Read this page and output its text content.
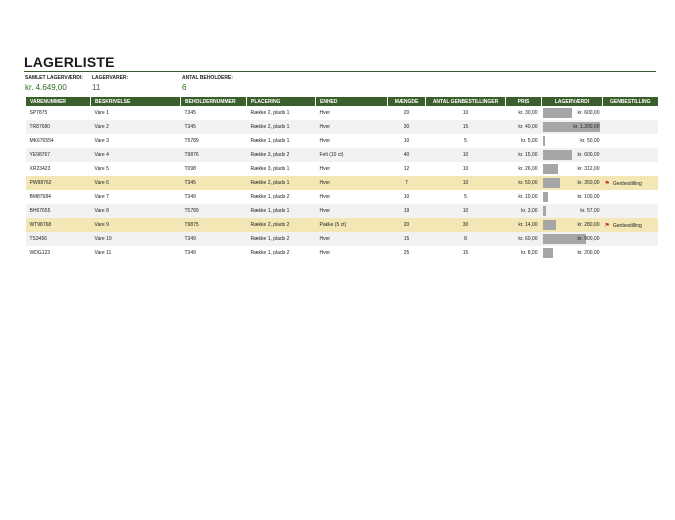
LAGERLISTE
SAMLET LAGERVÆRDI:
kr. 4.649,00
LAGERVARER:
11
ANTAL BEHOLDERE:
6
VARENUMMER	BESKRIVELSE	BEHOLDERNUMMER	PLACERING	ENHED	MÆNGDE	ANTAL GENBESTILLINGER	PRIS	LAGERVÆRDI	GENBESTILLING
SP7875	Vare 1	T345	Række 2, plads 1	Hver	20	10	kr. 30,00	kr. 600,00	
TR87680	Vare 2	T345	Række 2, plads 1	Hver	30	15	kr. 40,00	kr. 1.200,00	
MK676554	Vare 3	T5789	Række 1, plads 1	Hver	10	5	kr. 5,00	kr. 50,00	
YE98767	Vare 4	T9876	Række 3, plads 2	Felt (10 ct)	40	10	kr. 15,00	kr. 600,00	
XR23423	Vare 5	T098	Række 3, plads 1	Hver	12	10	kr. 26,00	kr. 312,00	
PW98762	Vare 6	T345	Række 2, plads 1	Hver	7	10	kr. 50,00	kr. 350,00	⚑ Genbestilling
BM87684	Vare 7	T349	Række 1, plads 2	Hver	10	5	kr. 10,00	kr. 100,00	
BH67655	Vare 8	T5789	Række 1, plads 1	Hver	19	10	kr. 3,00	kr. 57,00	
WT98768	Vare 9	T9875	Række 2, plads 2	Pakke (5 ct)	20	30	kr. 14,00	kr. 280,00	⚑ Genbestilling
TS3456	Vare 10	T349	Række 1, plads 2	Hver	15	8	kr. 60,00	kr. 900,00	
WDG123	Vare 11	T349	Række 1, plads 2	Hver	25	15	kr. 8,00	kr. 200,00	
